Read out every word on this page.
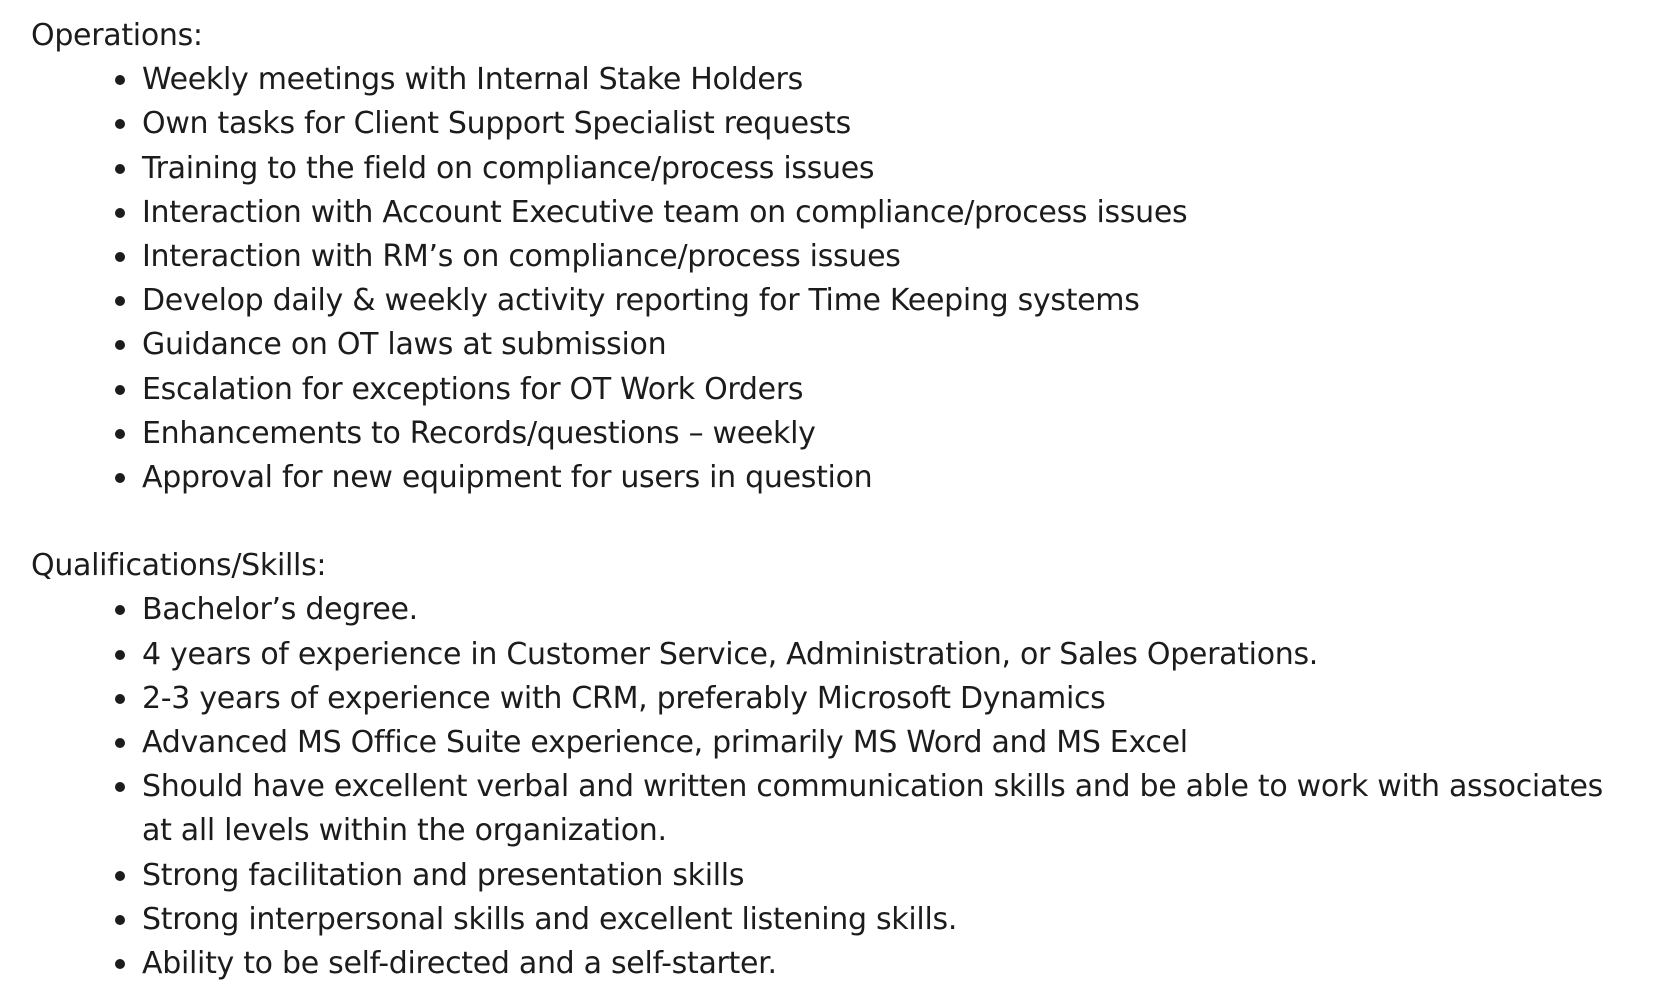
Operations:

Weekly meetings with Internal Stake Holders
Own tasks for Client Support Specialist requests
Training to the field on compliance/process issues
Interaction with Account Executive team on compliance/process issues
Interaction with RM’s on compliance/process issues
Develop daily & weekly activity reporting for Time Keeping systems
Guidance on OT laws at submission
Escalation for exceptions for OT Work Orders
Enhancements to Records/questions – weekly
Approval for new equipment for users in question

Qualifications/Skills:

Bachelor’s degree.
4 years of experience in Customer Service, Administration, or Sales Operations.
2-3 years of experience with CRM, preferably Microsoft Dynamics
Advanced MS Office Suite experience, primarily MS Word and MS Excel
Should have excellent verbal and written communication skills and be able to work with associates at all levels within the organization.
Strong facilitation and presentation skills
Strong interpersonal skills and excellent listening skills.
Ability to be self-directed and a self-starter.
